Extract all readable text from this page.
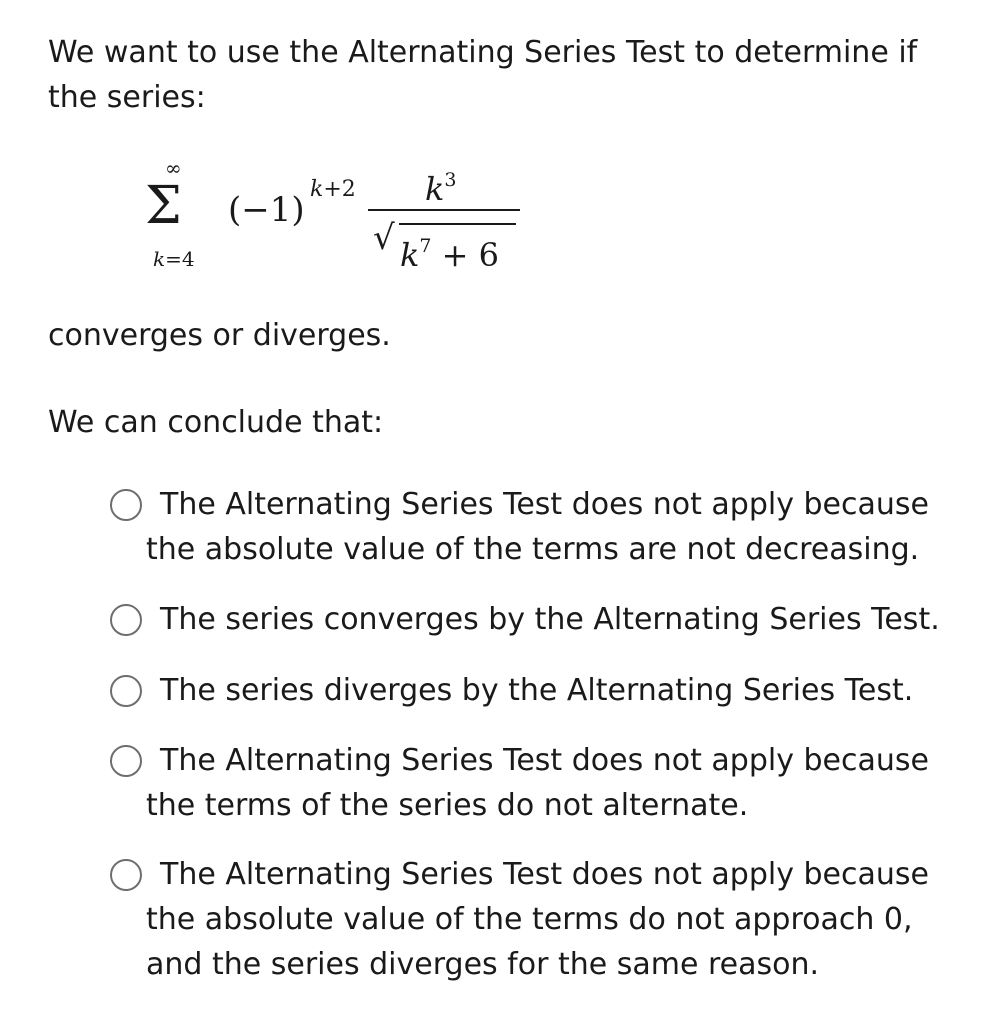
We want to use the Alternating Series Test to determine if the series:

∞
Σ
k=4
(−1)
k+2 $k^3$
√ $k^7 + 6$

converges or diverges.

We can conclude that:

The Alternating Series Test does not apply because the absolute value of the terms are not decreasing.
The series converges by the Alternating Series Test.
The series diverges by the Alternating Series Test.
The Alternating Series Test does not apply because the terms of the series do not alternate.
The Alternating Series Test does not apply because the absolute value of the terms do not approach 0, and the series diverges for the same reason.
